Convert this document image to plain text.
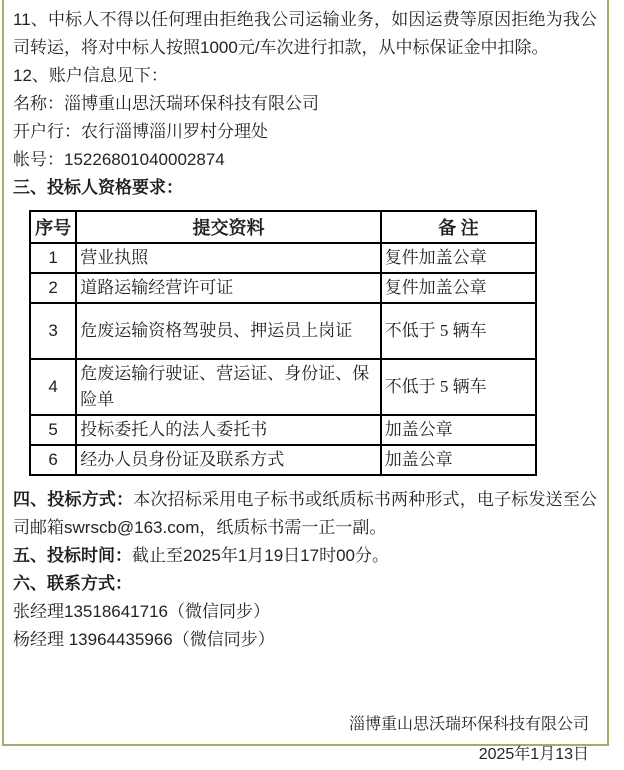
11、中标人不得以任何理由拒绝我公司运输业务，如因运费等原因拒绝为我公司转运，将对中标人按照1000元/车次进行扣款，从中标保证金中扣除。

12、账户信息见下：

名称：淄博重山思沃瑞环保科技有限公司

开户行：农行淄博淄川罗村分理处

帐号：15226801040002874

三、投标人资格要求：

序号	提交资料	备 注
1	营业执照	复件加盖公章
2	道路运输经营许可证	复件加盖公章
3	危废运输资格驾驶员、押运员上岗证	不低于 5 辆车
4	危废运输行驶证、营运证、身份证、保险单	不低于 5 辆车
5	投标委托人的法人委托书	加盖公章
6	经办人员身份证及联系方式	加盖公章

四、投标方式：本次招标采用电子标书或纸质标书两种形式，电子标发送至公司邮箱swrscb@163.com，纸质标书需一正一副。

五、投标时间：截止至2025年1月19日17时00分。

六、联系方式：

张经理13518641716（微信同步）

杨经理 13964435966（微信同步）

淄博重山思沃瑞环保科技有限公司
2025年1月13日
